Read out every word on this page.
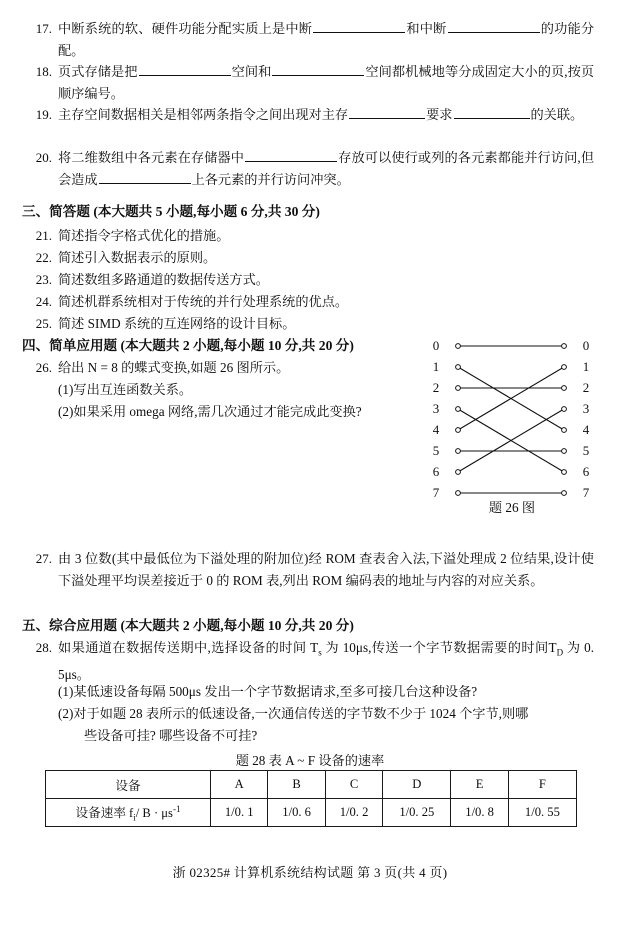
17. 中断系统的软、硬件功能分配实质上是中断	和中断	的功能分配。
18. 页式存储是把	空间和	空间都机械地等分成固定大小的页,按页顺序编号。
19. 主存空间数据相关是相邻两条指令之间出现对主存	要求	的关联。
20. 将二维数组中各元素在存储器中	存放可以使行或列的各元素都能并行访问,但会造成	上各元素的并行访问冲突。
三、简答题 (本大题共 5 小题,每小题 6 分,共 30 分)
21. 简述指令字格式优化的措施。
22. 简述引入数据表示的原则。
23. 简述数组多路通道的数据传送方式。
24. 简述机群系统相对于传统的并行处理系统的优点。
25. 简述 SIMD 系统的互连网络的设计目标。
四、简单应用题 (本大题共 2 小题,每小题 10 分,共 20 分)
26. 给出 N = 8 的蝶式变换,如题 26 图所示。
(1)写出互连函数关系。
(2)如果采用 omega 网络,需几次通过才能完成此变换?
0
1
2
3
4
5
6
7
0
1
2
3
4
5
6
7
题 26 图
27. 由 3 位数(其中最低位为下溢处理的附加位)经 ROM 查表舍入法,下溢处理成 2 位结果,设计使下溢处理平均误差接近于 0 的 ROM 表,列出 ROM 编码表的地址与内容的对应关系。
五、综合应用题 (本大题共 2 小题,每小题 10 分,共 20 分)
28. 如果通道在数据传送期中,选择设备的时间 $T_s$ 为 10μs,传送一个字节数据需要的时间$T_D$ 为 0. 5μs。
(1)某低速设备每隔 500μs 发出一个字节数据请求,至多可接几台这种设备?
(2)对于如题 28 表所示的低速设备,一次通信传送的字节数不少于 1024 个字节,则哪
些设备可挂? 哪些设备不可挂?
题 28 表 A ~ F 设备的速率
设备	A	B	C	D	E	F
设备速率 $f_i/$ $B \cdot \mu s^{-1}$	1/0. 1	1/0. 6	1/0. 2	1/0. 25	1/0. 8	1/0. 55
浙 02325# 计算机系统结构试题 第 3 页(共 4 页)
